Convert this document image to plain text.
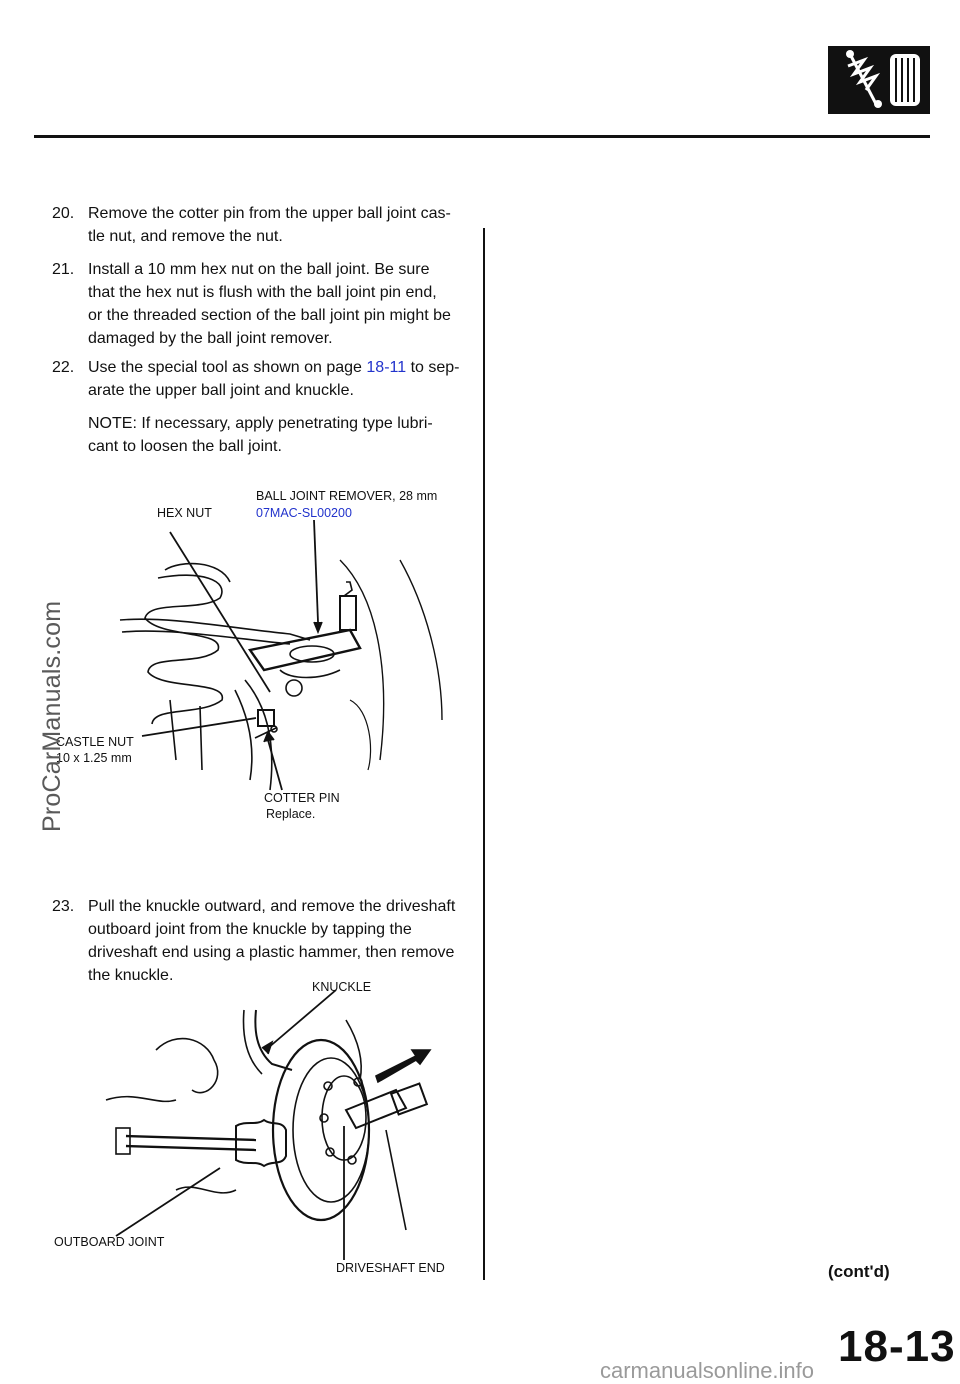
20. Remove the cotter pin from the upper ball joint cas-
tle nut, and remove the nut.
21. Install a 10 mm hex nut on the ball joint. Be sure
that the hex nut is flush with the ball joint pin end,
or the threaded section of the ball joint pin might be
damaged by the ball joint remover.
22. Use the special tool as shown on page 18-11 to sep-
arate the upper ball joint and knuckle.
NOTE: If necessary, apply penetrating type lubri-
cant to loosen the ball joint.
BALL JOINT REMOVER, 28 mm
07MAC-SL00200
HEX NUT
CASTLE NUT
10 x 1.25 mm
COTTER PIN
Replace.
23. Pull the knuckle outward, and remove the driveshaft
outboard joint from the knuckle by tapping the
driveshaft end using a plastic hammer, then remove
the knuckle.
KNUCKLE
OUTBOARD JOINT
DRIVESHAFT END
ProCarManuals.com
(cont'd)
18-13
carmanualsonline.info
